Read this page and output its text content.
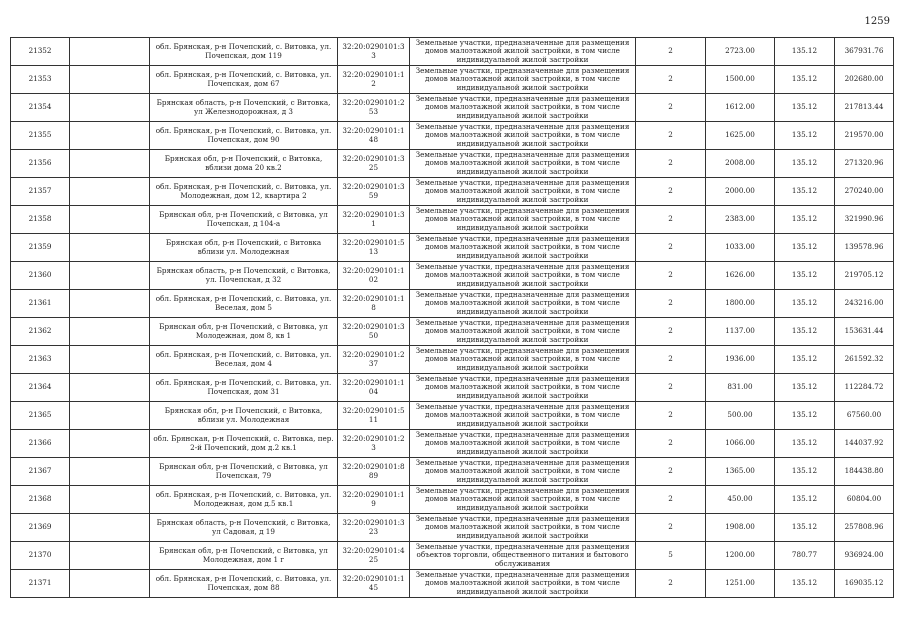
1259
21352		обл. Брянская, р-н Почепский, с. Витовка, ул. Почепская, дом 119	32:20:0290101:33	Земельные участки, предназначенные для размещения домов малоэтажной жилой застройки, в том числе индивидуальной жилой застройки	2	2723.00	135.12	367931.76
21353		обл. Брянская, р-н Почепский, с. Витовка, ул. Почепская, дом 67	32:20:0290101:12	Земельные участки, предназначенные для размещения домов малоэтажной жилой застройки, в том числе индивидуальной жилой застройки	2	1500.00	135.12	202680.00
21354		Брянская область, р-н Почепский, с Витовка, ул Железнодорожная, д 3	32:20:0290101:253	Земельные участки, предназначенные для размещения домов малоэтажной жилой застройки, в том числе индивидуальной жилой застройки	2	1612.00	135.12	217813.44
21355		обл. Брянская, р-н Почепский, с. Витовка, ул. Почепская, дом 90	32:20:0290101:148	Земельные участки, предназначенные для размещения домов малоэтажной жилой застройки, в том числе индивидуальной жилой застройки	2	1625.00	135.12	219570.00
21356		Брянская обл, р-н Почепский, с Витовка, вблизи дома 20 кв.2	32:20:0290101:325	Земельные участки, предназначенные для размещения домов малоэтажной жилой застройки, в том числе индивидуальной жилой застройки	2	2008.00	135.12	271320.96
21357		обл. Брянская, р-н Почепский, с. Витовка, ул. Молодежная, дом 12, квартира 2	32:20:0290101:359	Земельные участки, предназначенные для размещения домов малоэтажной жилой застройки, в том числе индивидуальной жилой застройки	2	2000.00	135.12	270240.00
21358		Брянская обл, р-н Почепский, с Витовка, ул Почепская, д 104-а	32:20:0290101:31	Земельные участки, предназначенные для размещения домов малоэтажной жилой застройки, в том числе индивидуальной жилой застройки	2	2383.00	135.12	321990.96
21359		Брянская обл, р-н Почепский, с Витовка вблизи ул. Молодежная	32:20:0290101:513	Земельные участки, предназначенные для размещения домов малоэтажной жилой застройки, в том числе индивидуальной жилой застройки	2	1033.00	135.12	139578.96
21360		Брянская область, р-н Почепский, с Витовка, ул. Почепская, д 32	32:20:0290101:102	Земельные участки, предназначенные для размещения домов малоэтажной жилой застройки, в том числе индивидуальной жилой застройки	2	1626.00	135.12	219705.12
21361		обл. Брянская, р-н Почепский, с. Витовка, ул. Веселая, дом 5	32:20:0290101:18	Земельные участки, предназначенные для размещения домов малоэтажной жилой застройки, в том числе индивидуальной жилой застройки	2	1800.00	135.12	243216.00
21362		Брянская обл, р-н Почепский, с Витовка, ул Молодежная, дом 8, кв 1	32:20:0290101:350	Земельные участки, предназначенные для размещения домов малоэтажной жилой застройки, в том числе индивидуальной жилой застройки	2	1137.00	135.12	153631.44
21363		обл. Брянская, р-н Почепский, с. Витовка, ул. Веселая, дом 4	32:20:0290101:237	Земельные участки, предназначенные для размещения домов малоэтажной жилой застройки, в том числе индивидуальной жилой застройки	2	1936.00	135.12	261592.32
21364		обл. Брянская, р-н Почепский, с. Витовка, ул. Почепская, дом 31	32:20:0290101:104	Земельные участки, предназначенные для размещения домов малоэтажной жилой застройки, в том числе индивидуальной жилой застройки	2	831.00	135.12	112284.72
21365		Брянская обл, р-н Почепский, с Витовка, вблизи ул. Молодежная	32:20:0290101:511	Земельные участки, предназначенные для размещения домов малоэтажной жилой застройки, в том числе индивидуальной жилой застройки	2	500.00	135.12	67560.00
21366		обл. Брянская, р-н Почепский, с. Витовка, пер. 2-й Почепский, дом д.2 кв.1	32:20:0290101:23	Земельные участки, предназначенные для размещения домов малоэтажной жилой застройки, в том числе индивидуальной жилой застройки	2	1066.00	135.12	144037.92
21367		Брянская обл, р-н Почепский, с Витовка, ул Почепская, 79	32:20:0290101:889	Земельные участки, предназначенные для размещения домов малоэтажной жилой застройки, в том числе индивидуальной жилой застройки	2	1365.00	135.12	184438.80
21368		обл. Брянская, р-н Почепский, с. Витовка, ул. Молодежная, дом д.5 кв.1	32:20:0290101:19	Земельные участки, предназначенные для размещения домов малоэтажной жилой застройки, в том числе индивидуальной жилой застройки	2	450.00	135.12	60804.00
21369		Брянская область, р-н Почепский, с Витовка, ул Садовая, д 19	32:20:0290101:323	Земельные участки, предназначенные для размещения домов малоэтажной жилой застройки, в том числе индивидуальной жилой застройки	2	1908.00	135.12	257808.96
21370		Брянская обл, р-н Почепский, с Витовка, ул Молодежная, дом 1 г	32:20:0290101:425	Земельные участки, предназначенные для размещения объектов торговли, общественного питания и бытового обслуживания	5	1200.00	780.77	936924.00
21371		обл. Брянская, р-н Почепский, с. Витовка, ул. Почепская, дом 88	32:20:0290101:145	Земельные участки, предназначенные для размещения домов малоэтажной жилой застройки, в том числе индивидуальной жилой застройки	2	1251.00	135.12	169035.12
